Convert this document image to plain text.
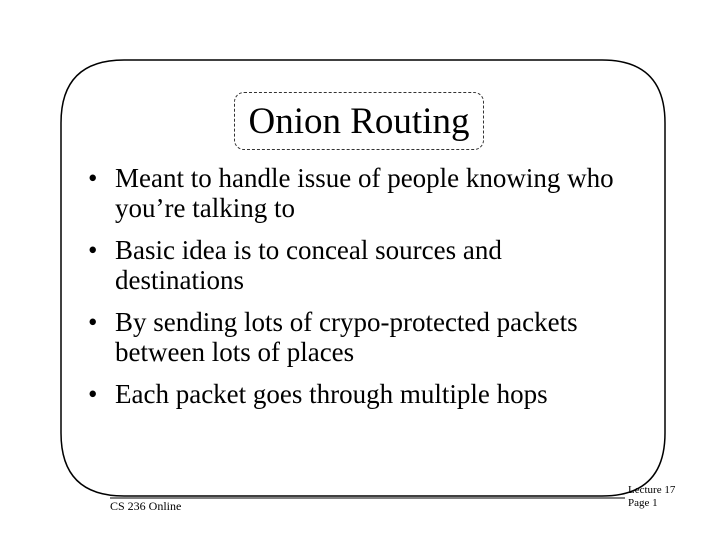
Onion Routing
• Meant to handle issue of people knowing who you’re talking to
• Basic idea is to conceal sources and destinations
• By sending lots of crypo-protected packets between lots of places
• Each packet goes through multiple hops
CS 236 Online
Lecture 17
Page 1
